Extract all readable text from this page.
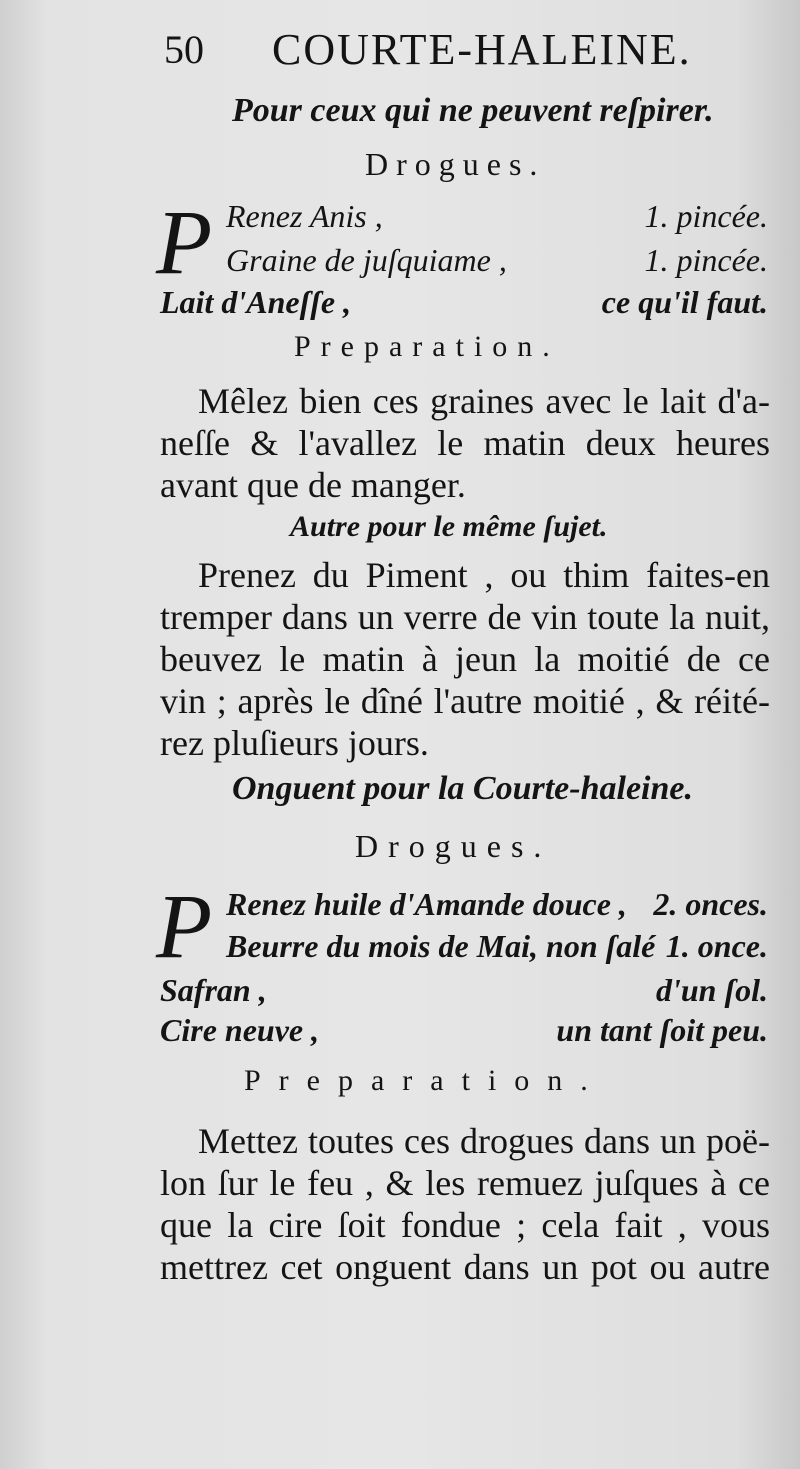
50 COURTE-HALEINE.
Pour ceux qui ne peuvent reſpirer.
Drogues.
P Renez Anis ,	1. pincée.
Graine de juſquiame ,	1. pincée.
Lait d'Aneſſe ,	ce qu'il faut.
Preparation.
Mêlez bien ces graines avec le lait d'a-
neſſe & l'avallez le matin deux heures
avant que de manger.
Autre pour le même ſujet.
Prenez du Piment , ou thim faites-en
tremper dans un verre de vin toute la nuit,
beuvez le matin à jeun la moitié de ce
vin ; après le dîné l'autre moitié , & réité-
rez pluſieurs jours.
Onguent pour la Courte-haleine.
Drogues.
P Renez huile d'Amande douce , 2. onces.
Beurre du mois de Mai, non ſalé 1. once.
Safran ,	d'un ſol.
Cire neuve ,	un tant ſoit peu.
Preparation.
Mettez toutes ces drogues dans un poë-
lon ſur le feu , & les remuez juſques à ce
que la cire ſoit fondue ; cela fait , vous
mettrez cet onguent dans un pot ou autre
